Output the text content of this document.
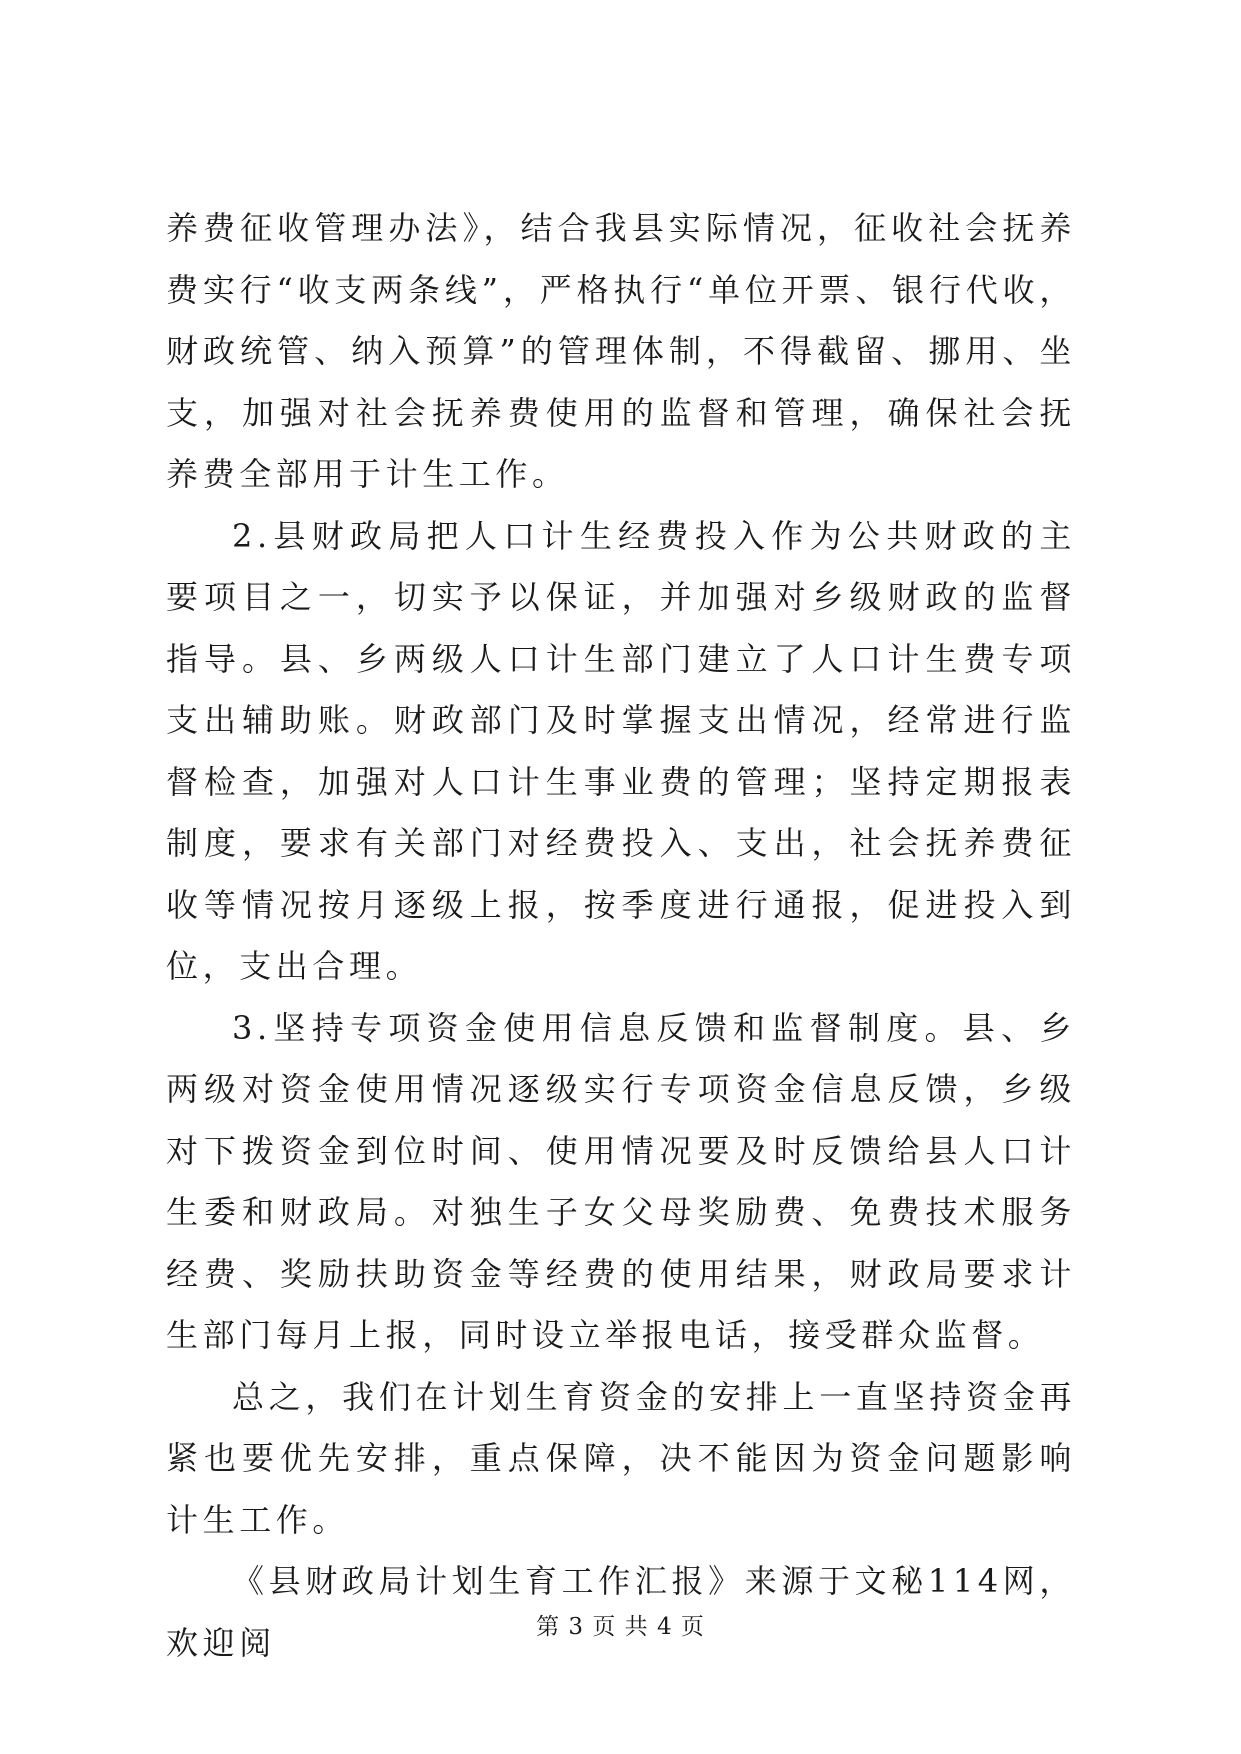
养费征收管理办法》，结合我县实际情况，征收社会抚养费实行“收支两条线”，严格执行“单位开票、银行代收，财政统管、纳入预算”的管理体制，不得截留、挪用、坐支，加强对社会抚养费使用的监督和管理，确保社会抚养费全部用于计生工作。

2.县财政局把人口计生经费投入作为公共财政的主要项目之一，切实予以保证，并加强对乡级财政的监督指导。县、乡两级人口计生部门建立了人口计生费专项支出辅助账。财政部门及时掌握支出情况，经常进行监督检查，加强对人口计生事业费的管理；坚持定期报表制度，要求有关部门对经费投入、支出，社会抚养费征收等情况按月逐级上报，按季度进行通报，促进投入到位，支出合理。

3.坚持专项资金使用信息反馈和监督制度。县、乡两级对资金使用情况逐级实行专项资金信息反馈，乡级对下拨资金到位时间、使用情况要及时反馈给县人口计生委和财政局。对独生子女父母奖励费、免费技术服务经费、奖励扶助资金等经费的使用结果，财政局要求计生部门每月上报，同时设立举报电话，接受群众监督。

总之，我们在计划生育资金的安排上一直坚持资金再紧也要优先安排，重点保障，决不能因为资金问题影响计生工作。

《县财政局计划生育工作汇报》来源于文秘114网，欢迎阅	第 3 页 共 4 页
